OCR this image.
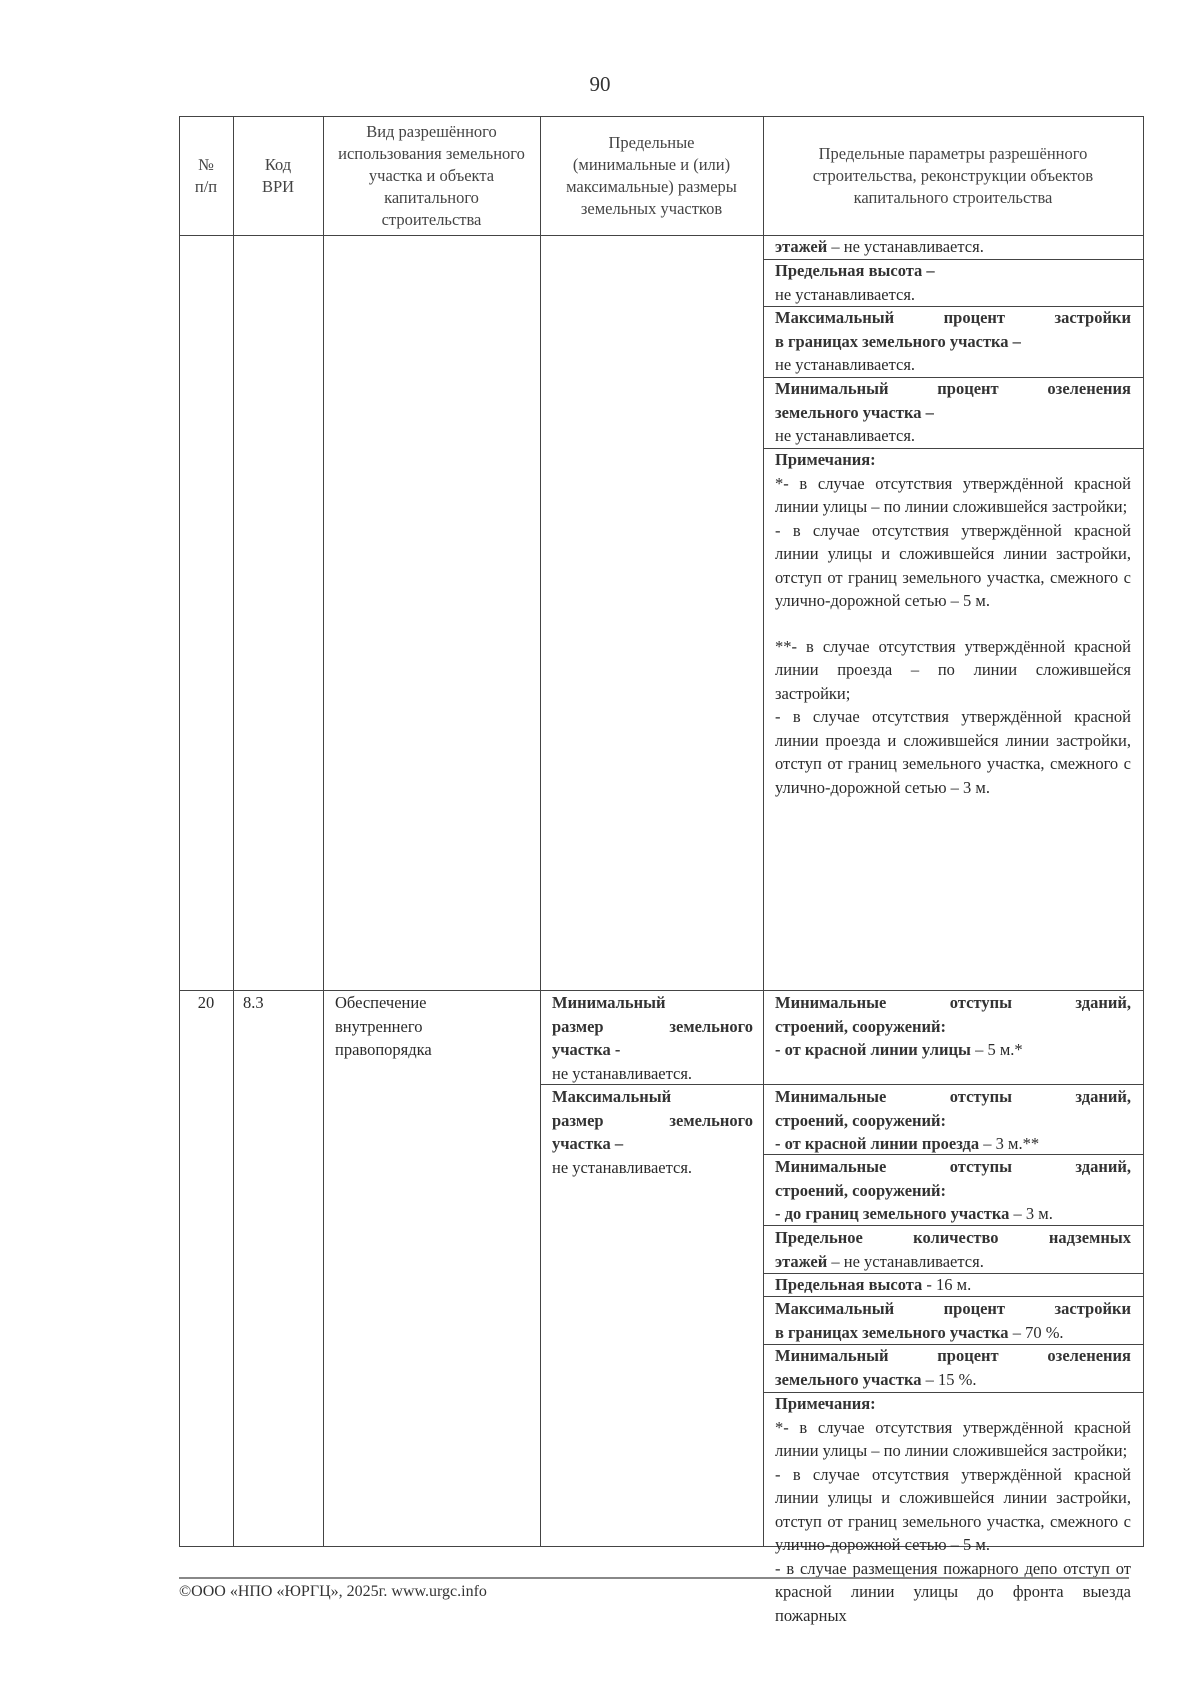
90
№
п/п
Код
ВРИ
Вид разрешённого использования земельного участка и объекта капитального строительства
Предельные (минимальные и (или) максимальные) размеры земельных участков
Предельные параметры разрешённого строительства, реконструкции объектов капитального строительства
этажей – не устанавливается.
Предельная высота –
не устанавливается.
Максимальный процент застройки
в границах земельного участка –
не устанавливается.
Минимальный процент озеленения
земельного участка –
не устанавливается.
Примечания:
*- в случае отсутствия утверждённой красной линии улицы – по линии сложившейся застройки;
- в случае отсутствия утверждённой красной линии улицы и сложившейся линии застройки, отступ от границ земельного участка, смежного с улично-дорожной сетью – 5 м.
**- в случае отсутствия утверждённой красной линии проезда – по линии сложившейся застройки;
- в случае отсутствия утверждённой красной линии проезда и сложившейся линии застройки, отступ от границ земельного участка, смежного с улично-дорожной сетью – 3 м.
20	8.3	Обеспечение внутреннего правопорядка
Минимальный
размер земельного
участка -
не устанавливается.
Максимальный
размер земельного
участка –
не устанавливается.
Минимальные отступы зданий,
строений, сооружений:
- от красной линии улицы – 5 м.*
Минимальные отступы зданий,
строений, сооружений:
- от красной линии проезда – 3 м.**
Минимальные отступы зданий,
строений, сооружений:
- до границ земельного участка – 3 м.
Предельное количество надземных
этажей – не устанавливается.
Предельная высота - 16 м.
Максимальный процент застройки
в границах земельного участка – 70 %.
Минимальный процент озеленения
земельного участка – 15 %.
Примечания:
*- в случае отсутствия утверждённой красной линии улицы – по линии сложившейся застройки;
- в случае отсутствия утверждённой красной линии улицы и сложившейся линии застройки, отступ от границ земельного участка, смежного с улично-дорожной сетью – 5 м.
- в случае размещения пожарного депо отступ от красной линии улицы до фронта выезда пожарных
©ООО «НПО «ЮРГЦ», 2025г. www.urgc.info
